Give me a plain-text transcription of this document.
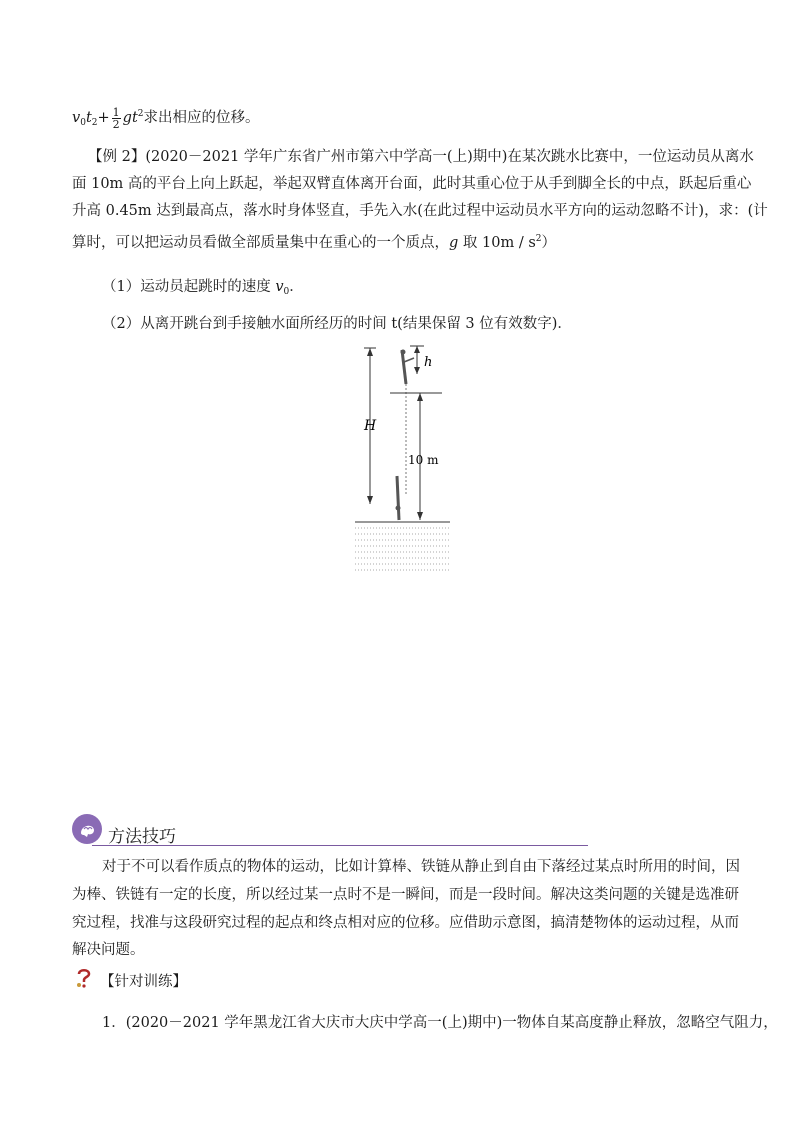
$v_0t_2+ \frac{1}{2} gt^2$求出相应的位移。
【例 2】(2020－2021 学年广东省广州市第六中学高一(上)期中)在某次跳水比赛中，一位运动员从离水
面 10m 高的平台上向上跃起，举起双臂直体离开台面，此时其重心位于从手到脚全长的中点，跃起后重心
升高 0.45m 达到最高点，落水时身体竖直，手先入水(在此过程中运动员水平方向的运动忽略不计)，求：(计
算时，可以把运动员看做全部质量集中在重心的一个质点，g 取 $10m / s^2$）
（1）运动员起跳时的速度 $v_0$．
（2）从离开跳台到手接触水面所经历的时间 t(结果保留 3 位有效数字)．
H
h
10 m
方法技巧
对于不可以看作质点的物体的运动，比如计算棒、铁链从静止到自由下落经过某点时所用的时间，因
为棒、铁链有一定的长度，所以经过某一点时不是一瞬间，而是一段时间。解决这类问题的关键是选准研
究过程，找准与这段研究过程的起点和终点相对应的位移。应借助示意图，搞清楚物体的运动过程，从而
解决问题。
【针对训练】
1．(2020－2021 学年黑龙江省大庆市大庆中学高一(上)期中)一物体自某高度静止释放，忽略空气阻力，
